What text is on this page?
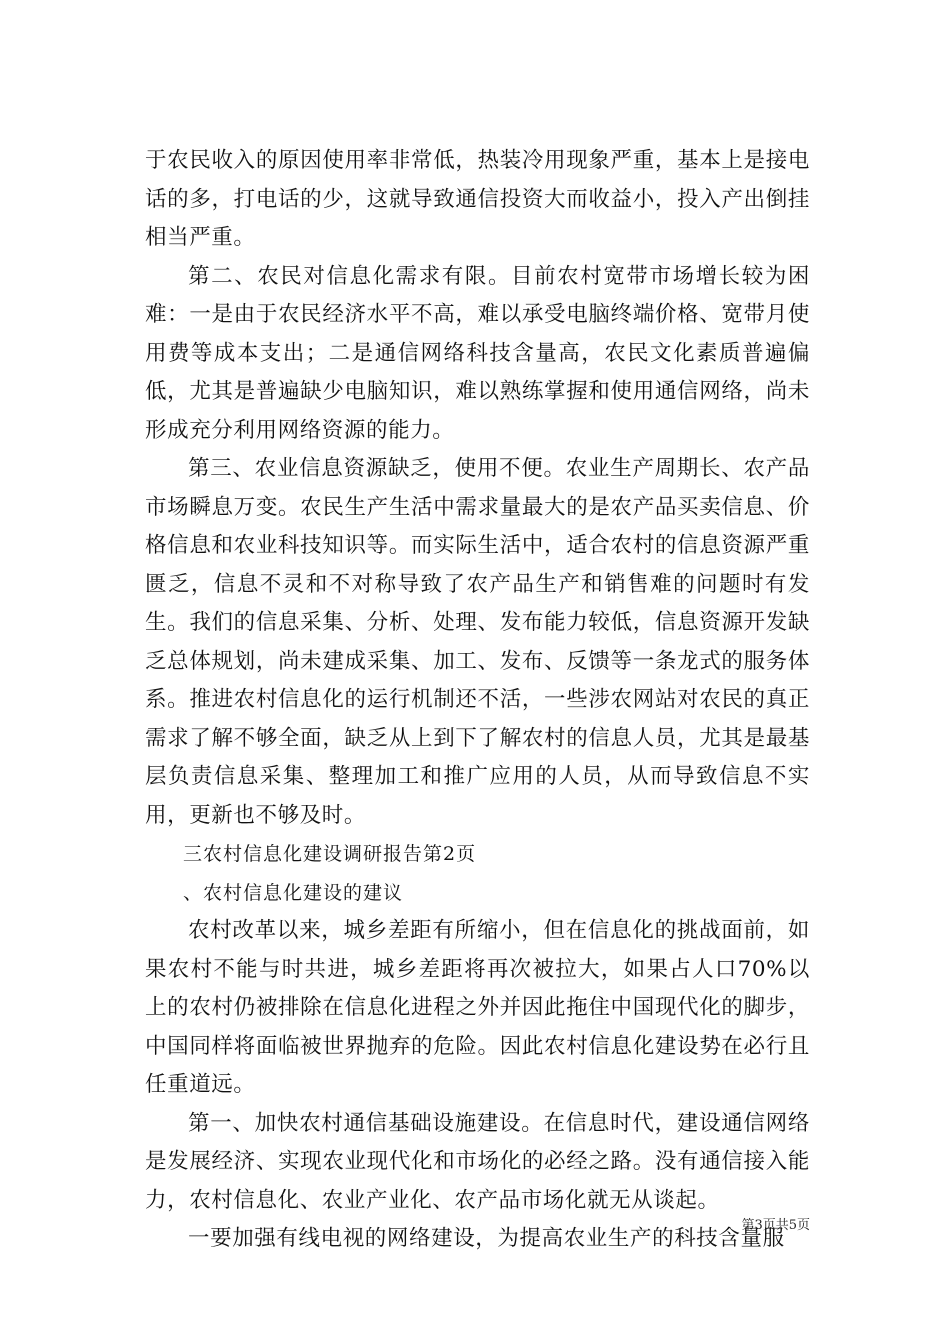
于农民收入的原因使用率非常低，热装冷用现象严重，基本上是接电话的多，打电话的少，这就导致通信投资大而收益小，投入产出倒挂相当严重。

第二、农民对信息化需求有限。目前农村宽带市场增长较为困难：一是由于农民经济水平不高，难以承受电脑终端价格、宽带月使用费等成本支出；二是通信网络科技含量高，农民文化素质普遍偏低，尤其是普遍缺少电脑知识，难以熟练掌握和使用通信网络，尚未形成充分利用网络资源的能力。

第三、农业信息资源缺乏，使用不便。农业生产周期长、农产品市场瞬息万变。农民生产生活中需求量最大的是农产品买卖信息、价格信息和农业科技知识等。而实际生活中，适合农村的信息资源严重匮乏，信息不灵和不对称导致了农产品生产和销售难的问题时有发生。我们的信息采集、分析、处理、发布能力较低，信息资源开发缺乏总体规划，尚未建成采集、加工、发布、反馈等一条龙式的服务体系。推进农村信息化的运行机制还不活，一些涉农网站对农民的真正需求了解不够全面，缺乏从上到下了解农村的信息人员，尤其是最基层负责信息采集、整理加工和推广应用的人员，从而导致信息不实用，更新也不够及时。

三农村信息化建设调研报告第2页

、农村信息化建设的建议

农村改革以来，城乡差距有所缩小，但在信息化的挑战面前，如果农村不能与时共进，城乡差距将再次被拉大，如果占人口70%以上的农村仍被排除在信息化进程之外并因此拖住中国现代化的脚步，中国同样将面临被世界抛弃的危险。因此农村信息化建设势在必行且任重道远。

第一、加快农村通信基础设施建设。在信息时代，建设通信网络是发展经济、实现农业现代化和市场化的必经之路。没有通信接入能力，农村信息化、农业产业化、农产品市场化就无从谈起。

一要加强有线电视的网络建设，为提高农业生产的科技含量服

第3页共5页
